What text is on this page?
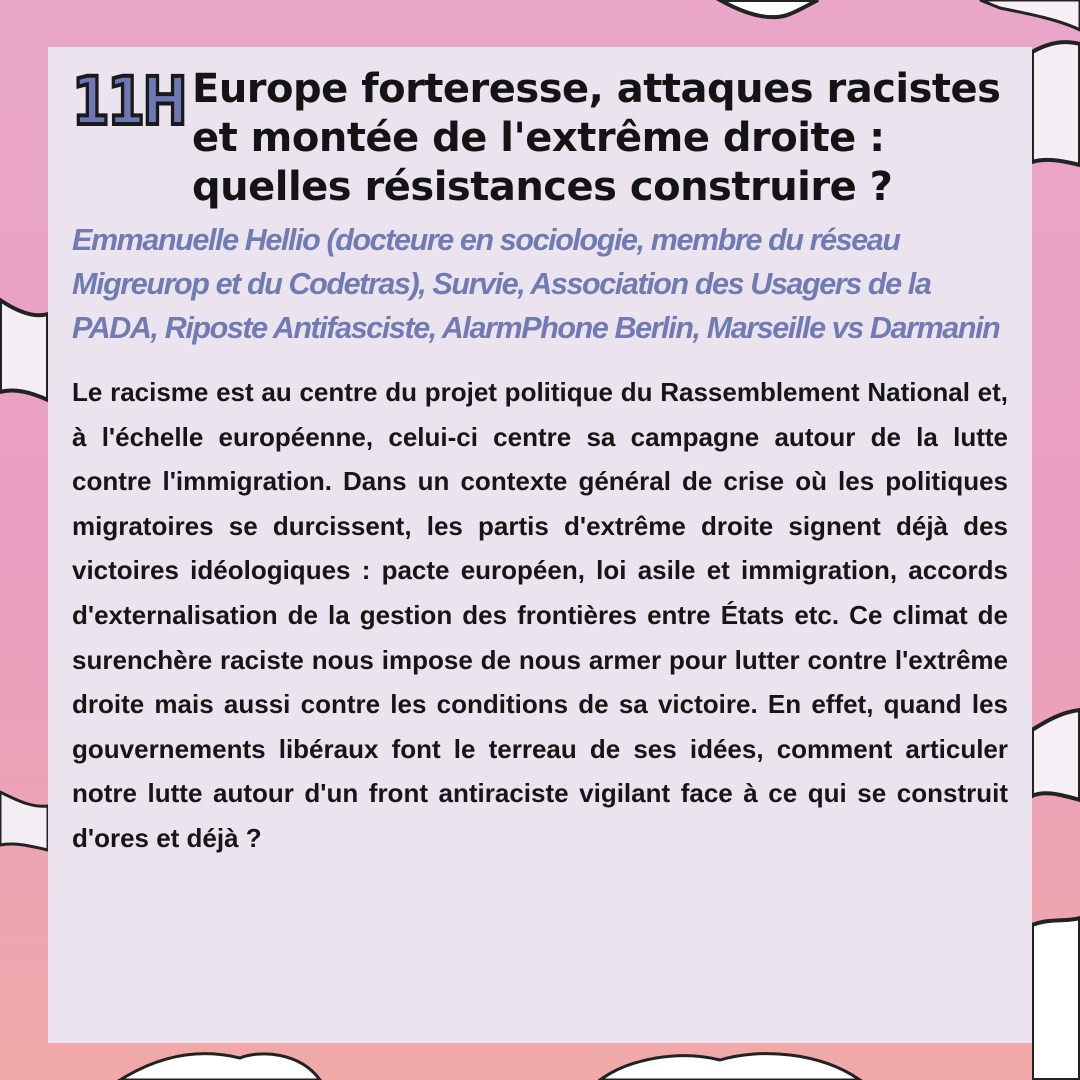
11H Europe forteresse, attaques racistes et montée de l'extrême droite : quelles résistances construire ?

Emmanuelle Hellio (docteure en sociologie, membre du réseau Migreurop et du Codetras), Survie, Association des Usagers de la PADA, Riposte Antifasciste, AlarmPhone Berlin, Marseille vs Darmanin

Le racisme est au centre du projet politique du Rassemblement National et, à l'échelle européenne, celui-ci centre sa campagne autour de la lutte contre l'immigration. Dans un contexte général de crise où les politiques migratoires se durcissent, les partis d'extrême droite signent déjà des victoires idéologiques : pacte européen, loi asile et immigration, accords d'externalisation de la gestion des frontières entre États etc. Ce climat de surenchère raciste nous impose de nous armer pour lutter contre l'extrême droite mais aussi contre les conditions de sa victoire. En effet, quand les gouvernements libéraux font le terreau de ses idées, comment articuler notre lutte autour d'un front antiraciste vigilant face à ce qui se construit d'ores et déjà ?
